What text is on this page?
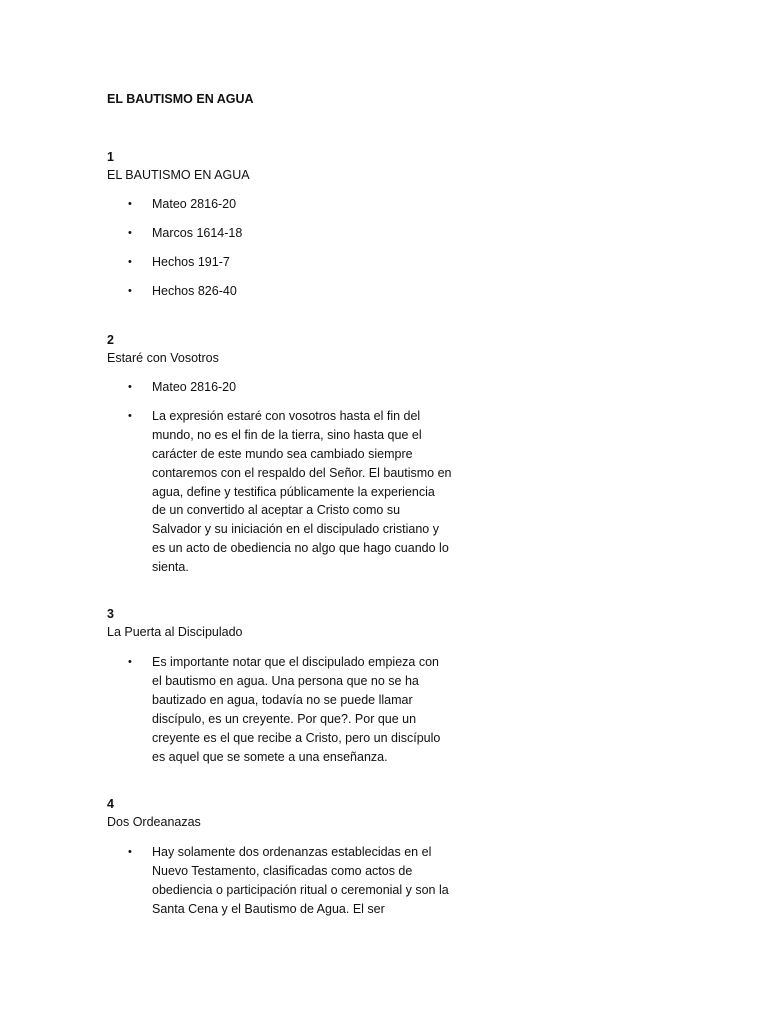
EL BAUTISMO EN AGUA
1
EL BAUTISMO EN AGUA
• Mateo 2816-20
• Marcos 1614-18
• Hechos 191-7
• Hechos 826-40
2
Estaré con Vosotros
• Mateo 2816-20
• La expresión estaré con vosotros hasta el fin del mundo, no es el fin de la tierra, sino hasta que el carácter de este mundo sea cambiado siempre contaremos con el respaldo del Señor. El bautismo en agua, define y testifica públicamente la experiencia de un convertido al aceptar a Cristo como su Salvador y su iniciación en el discipulado cristiano y es un acto de obediencia no algo que hago cuando lo sienta.
3
La Puerta al Discipulado
• Es importante notar que el discipulado empieza con el bautismo en agua. Una persona que no se ha bautizado en agua, todavía no se puede llamar discípulo, es un creyente. Por que?. Por que un creyente es el que recibe a Cristo, pero un discípulo es aquel que se somete a una enseñanza.
4
Dos Ordeanazas
• Hay solamente dos ordenanzas establecidas en el Nuevo Testamento, clasificadas como actos de obediencia o participación ritual o ceremonial y son la Santa Cena y el Bautismo de Agua. El ser
